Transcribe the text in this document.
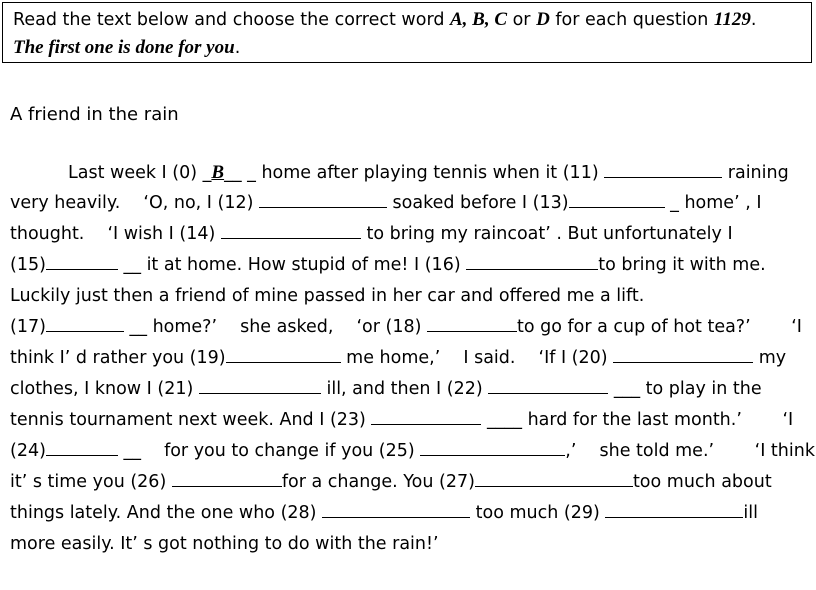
Read the text below and choose the correct word A, B, C or D for each question 1129.
The first one is done for you.
A friend in the rain
Last week I (0) _B__ _ home after playing tennis when it (11)	raining
very heavily. 　‘O, no, I (12)	soaked before I (13)	_ home’ , I
thought. 　‘I wish I (14)	to bring my raincoat’ . But unfortunately I
(15)	__ it at home. How stupid of me! I (16)	to bring it with me.
Luckily just then a friend of mine passed in her car and offered me a lift.
(17)	__ home?’ 　she asked, 　‘or (18)	to go for a cup of hot tea?’ 　　‘I
think I’ d rather you (19)	me home,’ 　I said. 　‘If I (20)	my
clothes, I know I (21)	ill, and then I (22)	___ to play in the
tennis tournament next week. And I (23)	____ hard for the last month.’ 　　‘I
(24)	__ 　for you to change if you (25)	,’ 　she told me.’ 　　‘I think
it’ s time you (26)	for a change. You (27)	too much about
things lately. And the one who (28)	too much (29)	ill
more easily. It’ s got nothing to do with the rain!’
